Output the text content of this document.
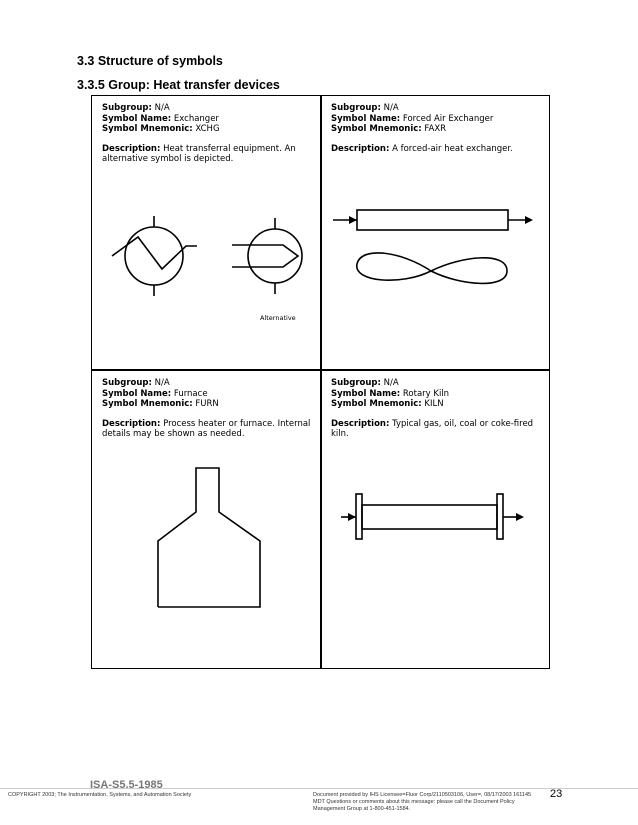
3.3 Structure of symbols
3.3.5 Group: Heat transfer devices
Subgroup: N/A
Symbol Name: Exchanger
Symbol Mnemonic: XCHG
Description: Heat transferral equipment. An alternative symbol is depicted.
Alternative
Subgroup: N/A
Symbol Name: Forced Air Exchanger
Symbol Mnemonic: FAXR
Description: A forced-air heat exchanger.
Subgroup: N/A
Symbol Name: Furnace
Symbol Mnemonic: FURN
Description: Process heater or furnace. Internal details may be shown as needed.
Subgroup: N/A
Symbol Name: Rotary Kiln
Symbol Mnemonic: KILN
Description: Typical gas, oil, coal or coke-fired kiln.
ISA-S5.5-1985
COPYRIGHT 2003; The Instrumentation, Systems, and Automation Society	Document provided by IHS Licensee=Fluor Corp/2110503106, User=, 08/17/2003 161145 MDT Questions or comments about this message: please call the Document Policy Management Group at 1-800-451-1584.
23
